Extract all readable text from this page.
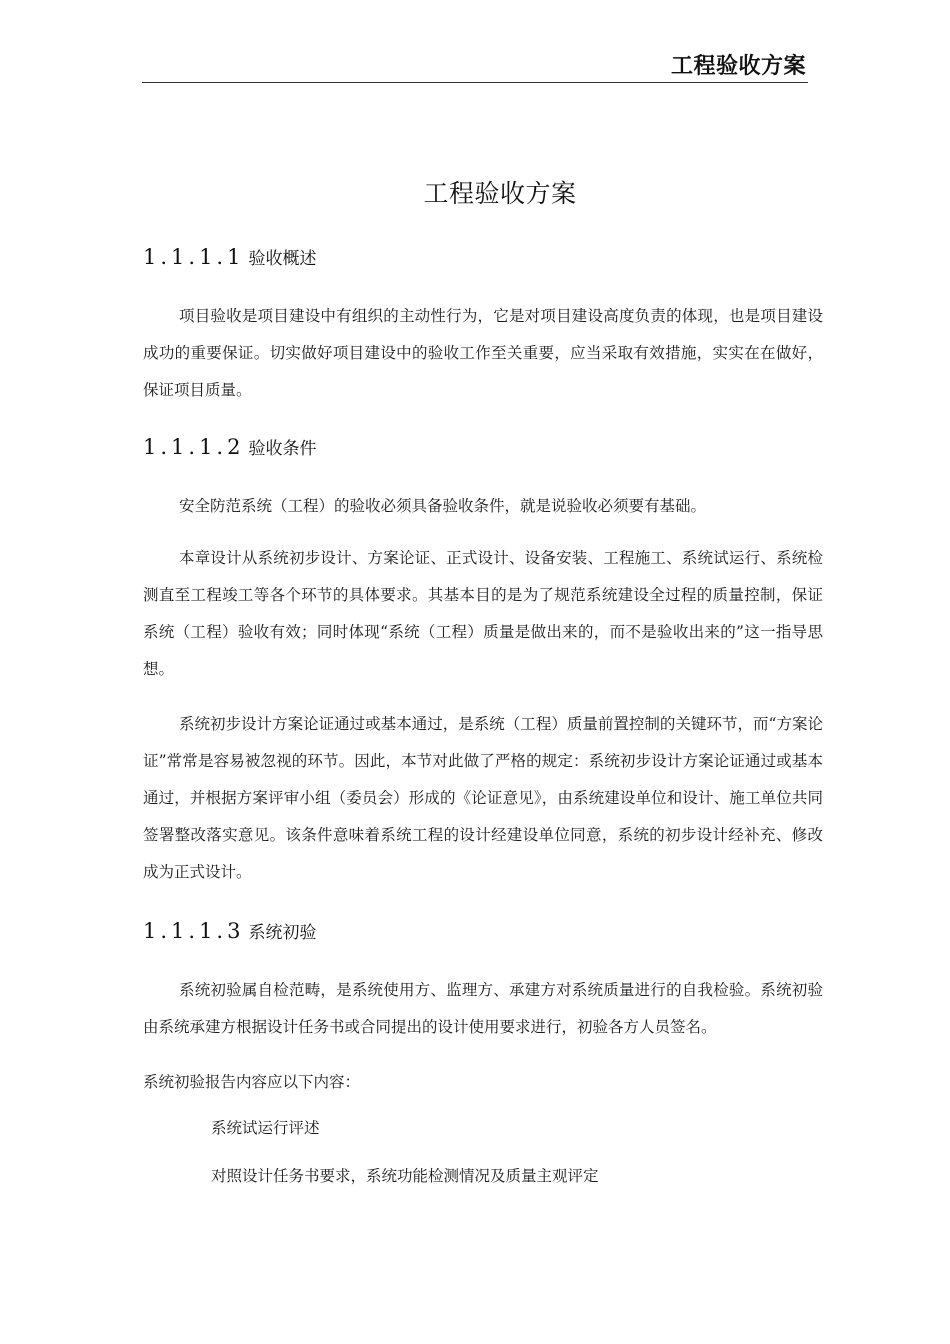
工程验收方案
工程验收方案
1.1.1.1 验收概述
项目验收是项目建设中有组织的主动性行为，它是对项目建设高度负责的体现，也是项目建设成功的重要保证。切实做好项目建设中的验收工作至关重要，应当采取有效措施，实实在在做好，保证项目质量。
1.1.1.2 验收条件
安全防范系统（工程）的验收必须具备验收条件，就是说验收必须要有基础。
本章设计从系统初步设计、方案论证、正式设计、设备安装、工程施工、系统试运行、系统检测直至工程竣工等各个环节的具体要求。其基本目的是为了规范系统建设全过程的质量控制，保证系统（工程）验收有效；同时体现“系统（工程）质量是做出来的，而不是验收出来的”这一指导思想。
系统初步设计方案论证通过或基本通过，是系统（工程）质量前置控制的关键环节，而“方案论证”常常是容易被忽视的环节。因此，本节对此做了严格的规定：系统初步设计方案论证通过或基本通过，并根据方案评审小组（委员会）形成的《论证意见》，由系统建设单位和设计、施工单位共同签署整改落实意见。该条件意味着系统工程的设计经建设单位同意，系统的初步设计经补充、修改成为正式设计。
1.1.1.3 系统初验
系统初验属自检范畴，是系统使用方、监理方、承建方对系统质量进行的自我检验。系统初验由系统承建方根据设计任务书或合同提出的设计使用要求进行，初验各方人员签名。
系统初验报告内容应以下内容：
系统试运行评述
对照设计任务书要求，系统功能检测情况及质量主观评定
